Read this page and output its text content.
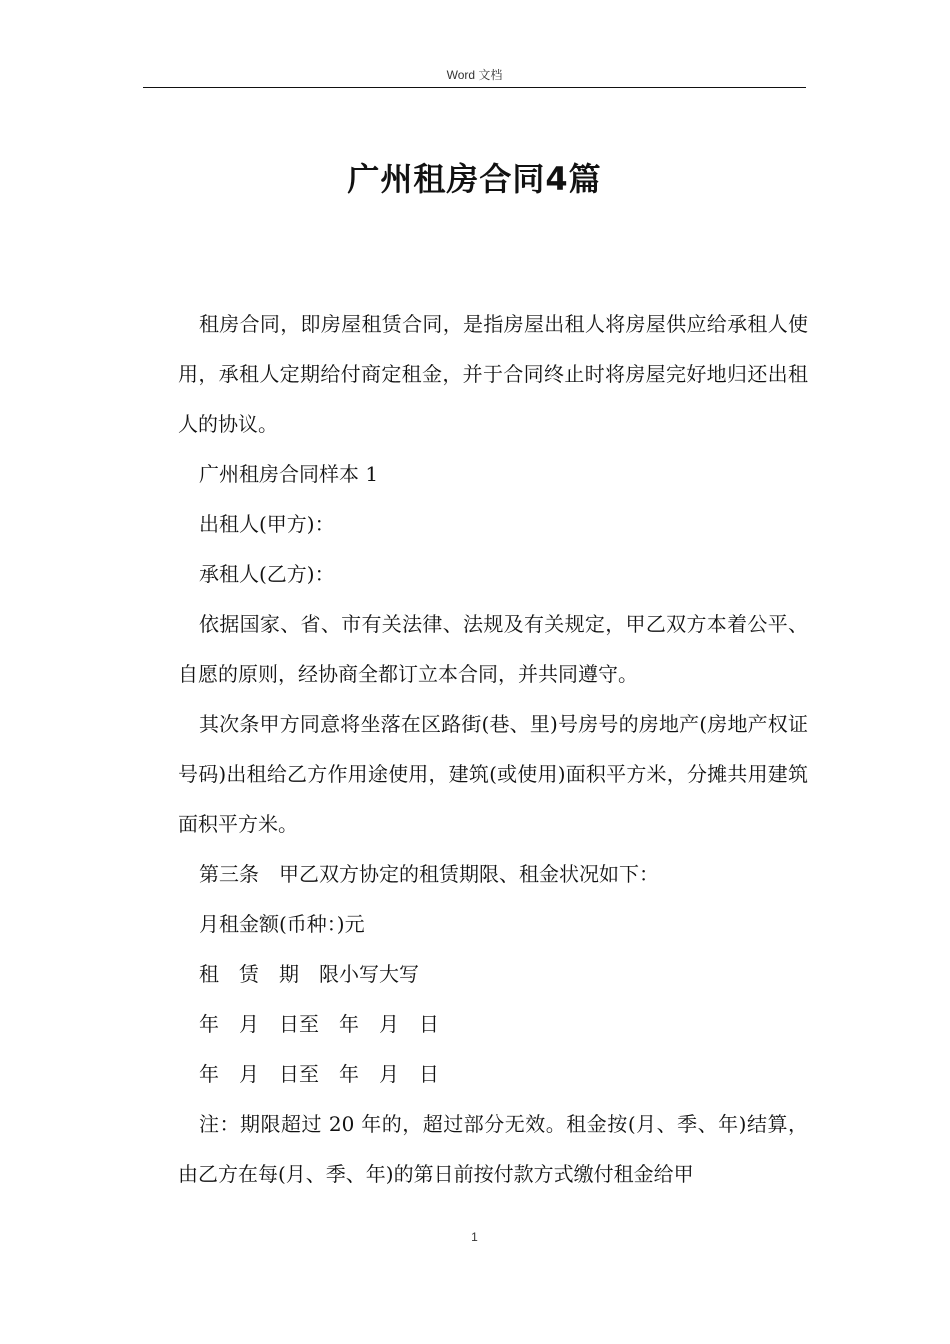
Word 文档
广州租房合同4篇

租房合同，即房屋租赁合同，是指房屋出租人将房屋供应给承租人使用，承租人定期给付商定租金，并于合同终止时将房屋完好地归还出租人的协议。

广州租房合同样本 1

出租人(甲方)：

承租人(乙方)：

依据国家、省、市有关法律、法规及有关规定，甲乙双方本着公平、自愿的原则，经协商全都订立本合同，并共同遵守。

其次条甲方同意将坐落在区路街(巷、里)号房号的房地产(房地产权证号码)出租给乙方作用途使用，建筑(或使用)面积平方米，分摊共用建筑面积平方米。

第三条　甲乙双方协定的租赁期限、租金状况如下：

月租金额(币种：)元

租　赁　期　限小写大写

年　月　日至　年　月　日

年　月　日至　年　月　日

注：期限超过 20 年的，超过部分无效。租金按(月、季、年)结算，由乙方在每(月、季、年)的第日前按付款方式缴付租金给甲

1
